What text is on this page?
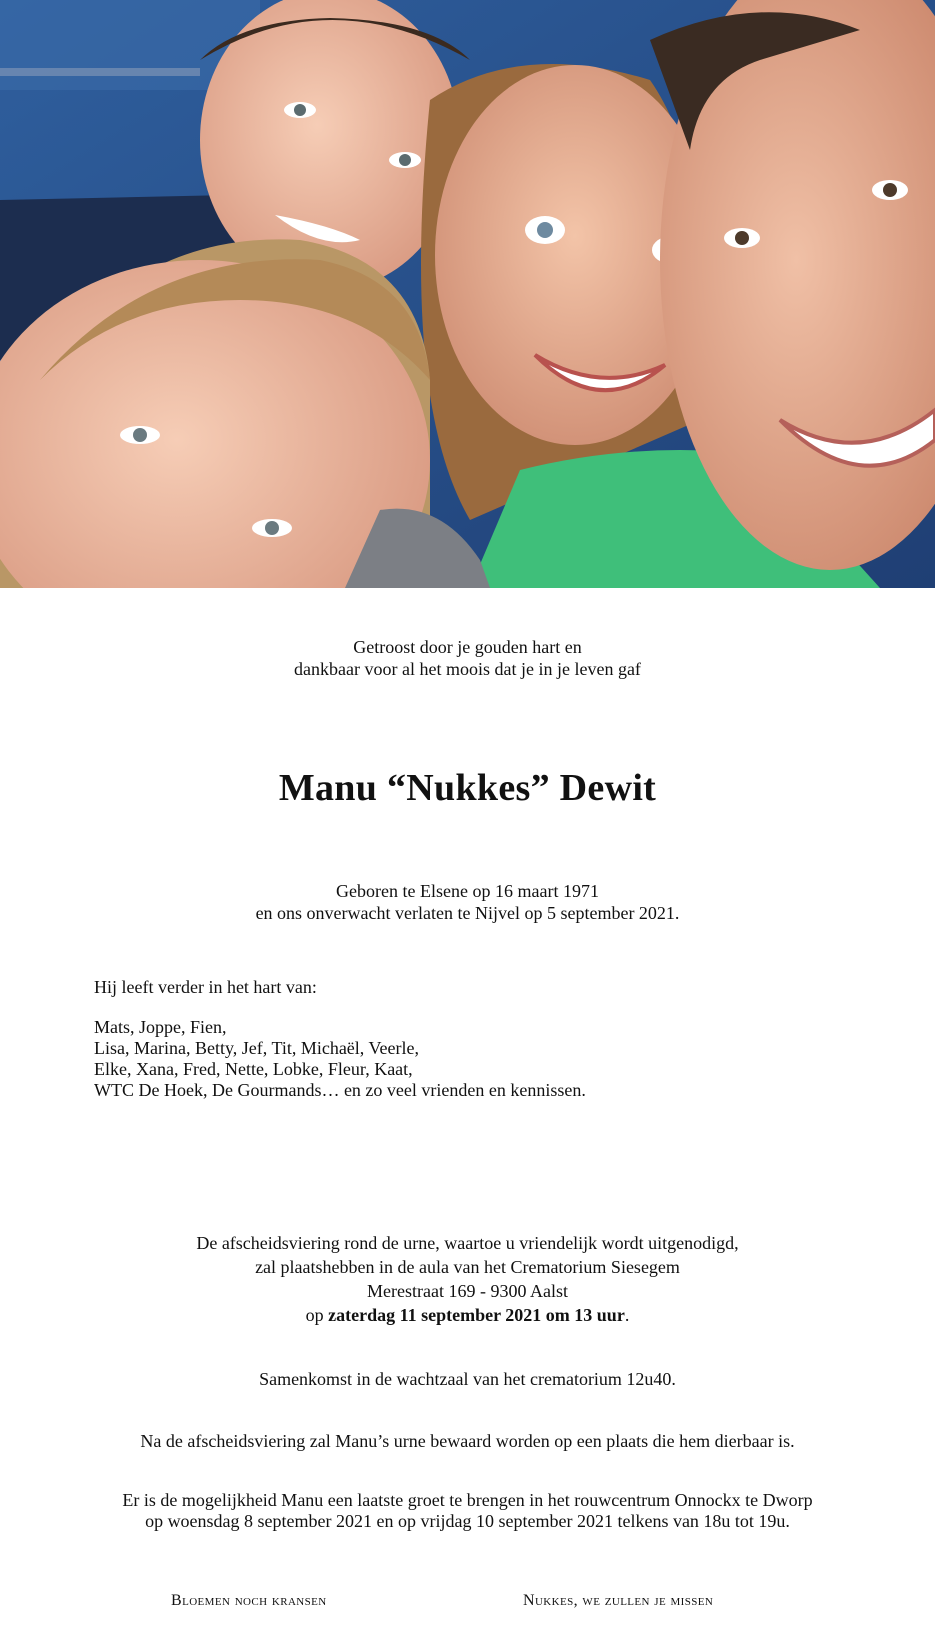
Getroost door je gouden hart en
dankbaar voor al het moois dat je in je leven gaf
Manu “Nukkes” Dewit
Geboren te Elsene op 16 maart 1971
en ons onverwacht verlaten te Nijvel op 5 september 2021.
Hij leeft verder in het hart van:
Mats, Joppe, Fien,
Lisa, Marina, Betty, Jef, Tit, Michaël, Veerle,
Elke, Xana, Fred, Nette, Lobke, Fleur, Kaat,
WTC De Hoek, De Gourmands… en zo veel vrienden en kennissen.
De afscheidsviering rond de urne, waartoe u vriendelijk wordt uitgenodigd,
zal plaatshebben in de aula van het Crematorium Siesegem
Merestraat 169 - 9300 Aalst
op zaterdag 11 september 2021 om 13 uur.
Samenkomst in de wachtzaal van het crematorium 12u40.
Na de afscheidsviering zal Manu’s urne bewaard worden op een plaats die hem dierbaar is.
Er is de mogelijkheid Manu een laatste groet te brengen in het rouwcentrum Onnockx te Dworp
op woensdag 8 september 2021 en op vrijdag 10 september 2021 telkens van 18u tot 19u.
Bloemen noch kransen	Nukkes, we zullen je missen
